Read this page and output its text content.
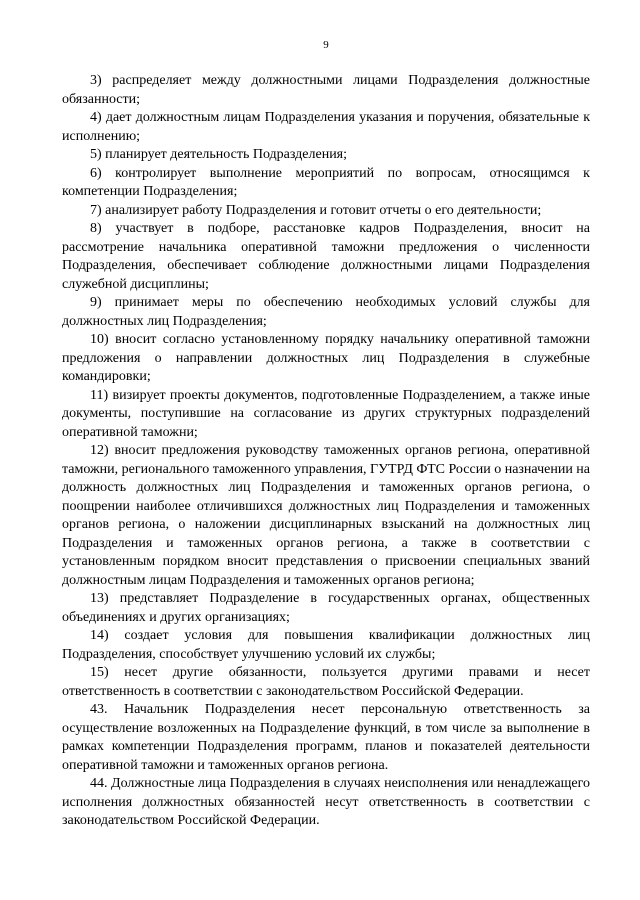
9

3) распределяет между должностными лицами Подразделения должностные обязанности;

4) дает должностным лицам Подразделения указания и поручения, обязательные к исполнению;

5) планирует деятельность Подразделения;

6) контролирует выполнение мероприятий по вопросам, относящимся к компетенции Подразделения;

7) анализирует работу Подразделения и готовит отчеты о его деятельности;

8) участвует в подборе, расстановке кадров Подразделения, вносит на рассмотрение начальника оперативной таможни предложения о численности Подразделения, обеспечивает соблюдение должностными лицами Подразделения служебной дисциплины;

9) принимает меры по обеспечению необходимых условий службы для должностных лиц Подразделения;

10) вносит согласно установленному порядку начальнику оперативной таможни предложения о направлении должностных лиц Подразделения в служебные командировки;

11) визирует проекты документов, подготовленные Подразделением, а также иные документы, поступившие на согласование из других структурных подразделений оперативной таможни;

12) вносит предложения руководству таможенных органов региона, оперативной таможни, регионального таможенного управления, ГУТРД ФТС России о назначении на должность должностных лиц Подразделения и таможенных органов региона, о поощрении наиболее отличившихся должностных лиц Подразделения и таможенных органов региона, о наложении дисциплинарных взысканий на должностных лиц Подразделения и таможенных органов региона, а также в соответствии с установленным порядком вносит представления о присвоении специальных званий должностным лицам Подразделения и таможенных органов региона;

13) представляет Подразделение в государственных органах, общественных объединениях и других организациях;

14) создает условия для повышения квалификации должностных лиц Подразделения, способствует улучшению условий их службы;

15) несет другие обязанности, пользуется другими правами и несет ответственность в соответствии с законодательством Российской Федерации.

43. Начальник Подразделения несет персональную ответственность за осуществление возложенных на Подразделение функций, в том числе за выполнение в рамках компетенции Подразделения программ, планов и показателей деятельности оперативной таможни и таможенных органов региона.

44. Должностные лица Подразделения в случаях неисполнения или ненадлежащего исполнения должностных обязанностей несут ответственность в соответствии с законодательством Российской Федерации.
